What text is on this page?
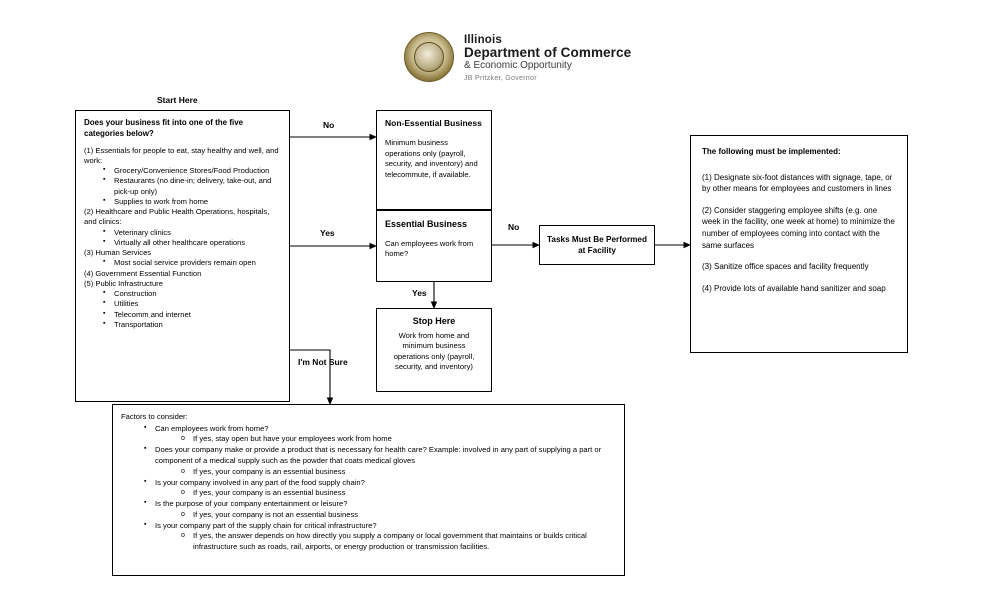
Illinois
Department of Commerce
& Economic Opportunity
JB Pritzker, Governor
No
Yes
No
Yes
I'm Not Sure
Start Here
Does your business fit into one of the five categories below?
(1) Essentials for people to eat, stay healthy and well, and work:
▪ Grocery/Convenience Stores/Food Production
▪ Restaurants (no dine-in; delivery, take-out, and pick-up only)
▪ Supplies to work from home
(2) Healthcare and Public Health Operations, hospitals, and clinics:
▪ Veterinary clinics
▪ Virtually all other healthcare operations
(3) Human Services
▪ Most social service providers remain open
(4) Government Essential Function
(5) Public Infrastructure
▪ Construction
▪ Utilities
▪ Telecomm and internet
▪ Transportation
Non-Essential Business
Minimum business operations only (payroll, security, and inventory) and telecommute, if available.
Essential Business
Can employees work from home?
Stop Here
Work from home and minimum business operations only (payroll, security, and inventory)
Tasks Must Be Performed at Facility
The following must be implemented:

(1) Designate six-foot distances with signage, tape, or by other means for employees and customers in lines

(2) Consider staggering employee shifts (e.g. one week in the facility, one week at home) to minimize the number of employees coming into contact with the same surfaces

(3) Sanitize office spaces and facility frequently

(4) Provide lots of available hand sanitizer and soap

Factors to consider:
▪ Can employees work from home?
o If yes, stay open but have your employees work from home
▪ Does your company make or provide a product that is necessary for health care? Example: involved in any part of supplying a part or component of a medical supply such as the powder that coats medical gloves
o If yes, your company is an essential business
▪ Is your company involved in any part of the food supply chain?
o If yes, your company is an essential business
▪ Is the purpose of your company entertainment or leisure?
o If yes, your company is not an essential business
▪ Is your company part of the supply chain for critical infrastructure?
o If yes, the answer depends on how directly you supply a company or local government that maintains or builds critical infrastructure such as roads, rail, airports, or energy production or transmission facilities.
